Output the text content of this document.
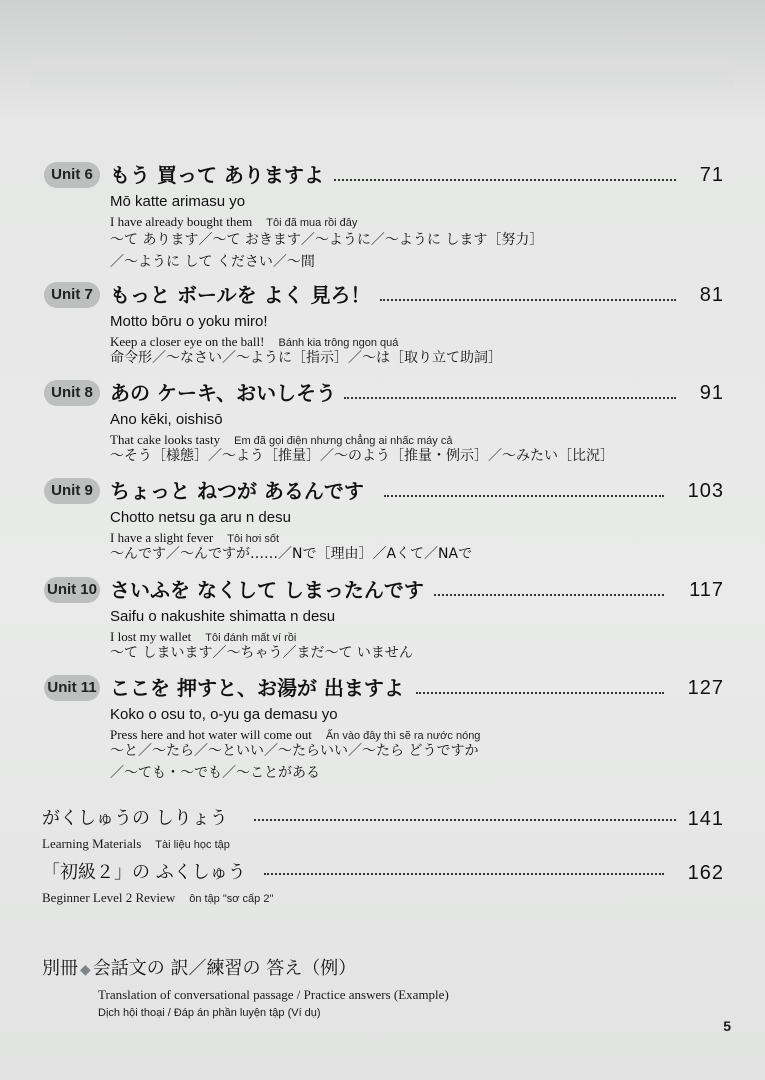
Unit 6 もう 買って ありますよ	71
Mō katte arimasu yo
I have already bought them Tôi đã mua rồi đây
～て あります／～て おきます／～ように／～ように します［努力］
／～ように して ください／～間
Unit 7 もっと ボールを よく 見ろ！	81
Motto bōru o yoku miro!
Keep a closer eye on the ball! Bánh kia trông ngon quá
命令形／～なさい／～ように［指示］／～は［取り立て助詞］
Unit 8 あの ケーキ、おいしそう	91
Ano kēki, oishisō
That cake looks tasty Em đã gọi điện nhưng chẳng ai nhấc máy cả
～そう［様態］／～よう［推量］／～のよう［推量・例示］／～みたい［比況］
Unit 9 ちょっと ねつが あるんです	103
Chotto netsu ga aru n desu
I have a slight fever Tôi hơi sốt
～んです／～んですが……／Nで［理由］／Aくて／NAで
Unit 10 さいふを なくして しまったんです	117
Saifu o nakushite shimatta n desu
I lost my wallet Tôi đánh mất ví rồi
～て しまいます／～ちゃう／まだ～て いません
Unit 11 ここを 押すと、お湯が 出ますよ	127
Koko o osu to, o-yu ga demasu yo
Press here and hot water will come out Ấn vào đây thì sẽ ra nước nóng
～と／～たら／～といい／～たらいい／～たら どうですか
／～ても・～でも／～ことがある
がくしゅうの しりょう	141
Learning Materials Tài liệu học tập
「初級２」の ふくしゅう	162
Beginner Level 2 Review ôn tập "sơ cấp 2"
別冊 ◆ 会話文の 訳／練習の 答え（例）
Translation of conversational passage / Practice answers (Example)
Dịch hội thoại / Đáp án phần luyện tập (Ví dụ)
5
